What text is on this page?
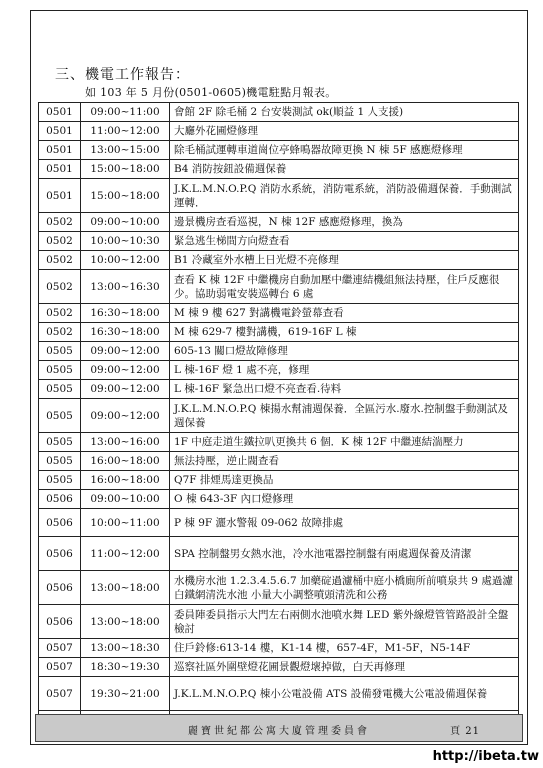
三、機電工作報告：
如 103 年 5 月份(0501-0605)機電駐點月報表。
0501	09:00~11:00	會館 2F 除毛桶 2 台安裝測試 ok(順益 1 人支援)
0501	11:00~12:00	大廳外花圃燈修理
0501	13:00~15:00	除毛桶試運轉車道崗位亭蜂鳴器故障更換 N 棟 5F 感應燈修理
0501	15:00~18:00	B4 消防按鈕設備週保養
0501	15:00~18:00	J.K.L.M.N.O.P.Q 消防水系統，消防電系統，消防設備週保養．手動測試運轉．
0502	09:00~10:00	邊景機房查看巡視，N 棟 12F 感應燈修理，換為
0502	10:00~10:30	緊急逃生梯間方向燈查看
0502	10:00~12:00	B1 冷藏室外水槽上日光燈不亮修理
0502	13:00~16:30	查看 K 棟 12F 中繼機房自動加壓中繼連結機組無法持壓，住戶反應很少。協助弱電安裝巡轉台 6 處
0502	16:30~18:00	M 棟 9 樓 627 對講機電鈴螢幕查看
0502	16:30~18:00	M 棟 629-7 樓對講機，619-16F L 棟
0505	09:00~12:00	605-13 關口燈故障修理
0505	09:00~12:00	L 棟-16F 燈 1 處不亮，修理
0505	09:00~12:00	L 棟-16F 緊急出口燈不亮查看.待料
0505	09:00~12:00	J.K.L.M.N.O.P.Q 棟揚水幫浦週保養．全區污水.廢水.控制盤手動測試及週保養
0505	13:00~16:00	1F 中庭走道生鐵拉叭更換共 6 個．K 棟 12F 中繼連結湍壓力
0505	16:00~18:00	無法持壓，逆止閥查看
0505	16:00~18:00	Q7F 排煙馬達更換品
0506	09:00~10:00	O 棟 643-3F 內口燈修理
0506	10:00~11:00	P 棟 9F 灑水警報 09-062 故障排處
0506	11:00~12:00	SPA 控制盤男女熱水池，冷水池電器控制盤有兩處週保養及清潔
0506	13:00~18:00	水機房水池 1.2.3.4.5.6.7 加藥碇過濾桶中庭小橋廁所前噴泉共 9 處過濾白鐵網清洗水池 小量大小調整噴頭清洗和公務
0506	13:00~18:00	委員陣委員指示大門左右兩側水池噴水舞 LED 紫外線燈管管路設計全盤檢討
0507	13:00~18:30	住戶鈴修:613-14 樓，K1-14 樓，657-4F，M1-5F，N5-14F
0507	18:30~19:30	巡察社區外圍壁燈花圃景觀燈壞掉做，白天再修理
0507	19:30~21:00	J.K.L.M.N.O.P.Q 棟小公電設備 ATS 設備發電機大公電設備週保養

麗寶世紀都公寓大廈管理委員會	頁 21
http://ibeta.tw
